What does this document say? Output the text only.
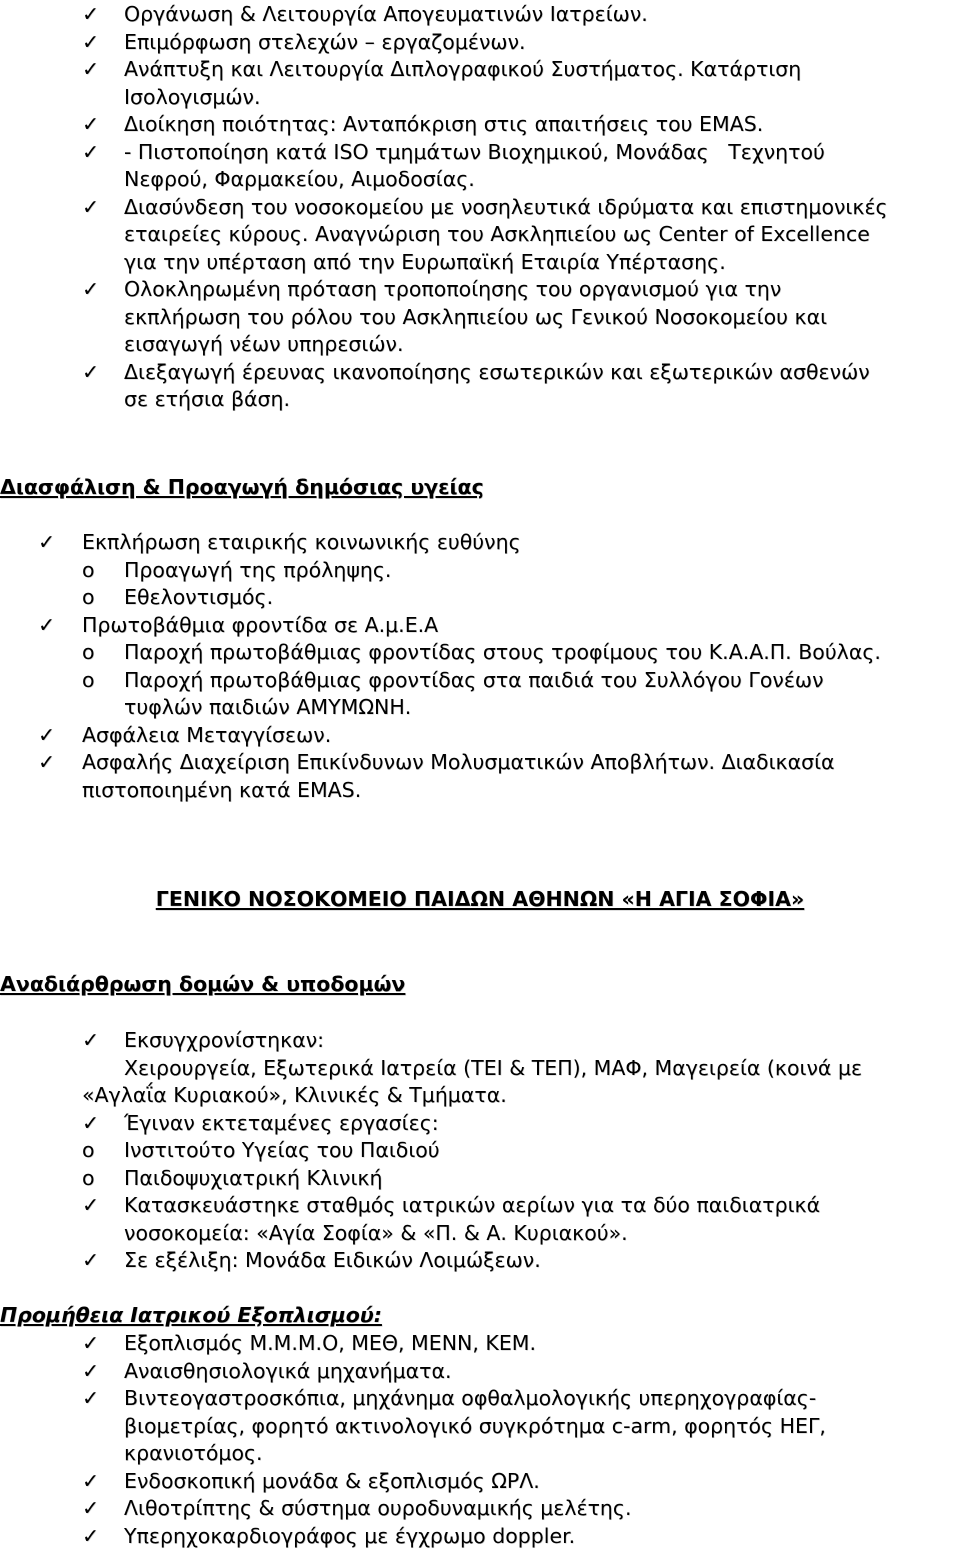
✓ Οργάνωση & Λειτουργία Απογευματινών Ιατρείων.
✓ Επιμόρφωση στελεχών – εργαζομένων.
✓ Ανάπτυξη και Λειτουργία Διπλογραφικού Συστήματος. Κατάρτιση
Ισολογισμών.
✓ Διοίκηση ποιότητας: Ανταπόκριση στις απαιτήσεις του EMAS.
✓ - Πιστοποίηση κατά ISO τμημάτων Βιοχημικού, Μονάδας   Τεχνητού
Νεφρού, Φαρμακείου, Αιμοδοσίας.
✓ Διασύνδεση του νοσοκομείου με νοσηλευτικά ιδρύματα και επιστημονικές
εταιρείες κύρους. Αναγνώριση του Ασκληπιείου ως Center of Excellence
για την υπέρταση από την Ευρωπαϊκή Εταιρία Υπέρτασης.
✓ Ολοκληρωμένη πρόταση τροποποίησης του οργανισμού για την
εκπλήρωση του ρόλου του Ασκληπιείου ως Γενικού Νοσοκομείου και
εισαγωγή νέων υπηρεσιών.
✓ Διεξαγωγή έρευνας ικανοποίησης εσωτερικών και εξωτερικών ασθενών
σε ετήσια βάση.
Διασφάλιση & Προαγωγή δημόσιας υγείας
✓ Εκπλήρωση εταιρικής κοινωνικής ευθύνης
o	Προαγωγή της πρόληψης.
o	Εθελοντισμός.
✓ Πρωτοβάθμια φροντίδα σε Α.μ.Ε.Α
o	Παροχή πρωτοβάθμιας φροντίδας στους τροφίμους του Κ.Α.Α.Π. Βούλας.
o	Παροχή πρωτοβάθμιας φροντίδας στα παιδιά του Συλλόγου Γονέων
τυφλών παιδιών ΑΜΥΜΩΝΗ.
✓ Ασφάλεια Μεταγγίσεων.
✓ Ασφαλής Διαχείριση Επικίνδυνων Μολυσματικών Αποβλήτων. Διαδικασία
πιστοποιημένη κατά EMAS.
ΓΕΝΙΚΟ ΝΟΣΟΚΟΜΕΙΟ ΠΑΙΔΩΝ ΑΘΗΝΩΝ «Η ΑΓΙΑ ΣΟΦΙΑ»
Αναδιάρθρωση δομών & υποδομών
✓ Εκσυγχρονίστηκαν:
Χειρουργεία, Εξωτερικά Ιατρεία (ΤΕΙ & ΤΕΠ), ΜΑΦ, Μαγειρεία (κοινά με
«Αγλαΐα Κυριακού», Κλινικές & Τμήματα.
✓ Έγιναν εκτεταμένες εργασίες:
o	Ινστιτούτο Υγείας του Παιδιού
o	Παιδοψυχιατρική Κλινική
✓ Κατασκευάστηκε σταθμός ιατρικών αερίων για τα δύο παιδιατρικά
νοσοκομεία: «Αγία Σοφία» & «Π. & Α. Κυριακού».
✓ Σε εξέλιξη: Μονάδα Ειδικών Λοιμώξεων.
Προμήθεια Ιατρικού Εξοπλισμού:
✓ Εξοπλισμός Μ.Μ.Μ.Ο, ΜΕΘ, ΜΕΝΝ, ΚΕΜ.
✓ Αναισθησιολογικά μηχανήματα.
✓ Βιντεογαστροσκόπια, μηχάνημα οφθαλμολογικής υπερηχογραφίας-
βιομετρίας, φορητό ακτινολογικό συγκρότημα c-arm, φορητός ΗΕΓ,
κρανιοτόμος.
✓ Ενδοσκοπική μονάδα & εξοπλισμός ΩΡΛ.
✓ Λιθοτρίπτης & σύστημα ουροδυναμικής μελέτης.
✓ Υπερηχοκαρδιογράφος με έγχρωμο doppler.
